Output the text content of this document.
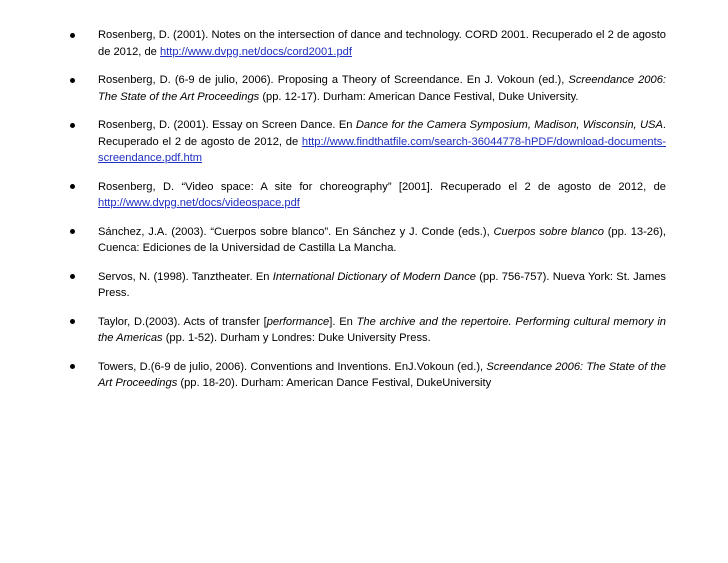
Rosenberg, D. (2001). Notes on the intersection of dance and technology. CORD 2001. Recuperado el 2 de agosto de 2012, de http://www.dvpg.net/docs/cord2001.pdf
Rosenberg, D. (6-9 de julio, 2006). Proposing a Theory of Screendance. En J. Vokoun (ed.), Screendance 2006: The State of the Art Proceedings (pp. 12-17). Durham: American Dance Festival, Duke University.
Rosenberg, D. (2001). Essay on Screen Dance. En Dance for the Camera Symposium, Madison, Wisconsin, USA. Recuperado el 2 de agosto de 2012, de http://www.findthatfile.com/search-36044778-hPDF/download-documents-screendance.pdf.htm
Rosenberg, D. “Video space: A site for choreography” [2001]. Recuperado el 2 de agosto de 2012, de http://www.dvpg.net/docs/videospace.pdf
Sánchez, J.A. (2003). “Cuerpos sobre blanco”. En Sánchez y J. Conde (eds.), Cuerpos sobre blanco (pp. 13-26), Cuenca: Ediciones de la Universidad de Castilla La Mancha.
Servos, N. (1998). Tanztheater. En International Dictionary of Modern Dance (pp. 756-757). Nueva York: St. James Press.
Taylor, D.(2003). Acts of transfer [performance]. En The archive and the repertoire. Performing cultural memory in the Americas (pp. 1-52). Durham y Londres: Duke University Press.
Towers, D.(6-9 de julio, 2006). Conventions and Inventions. EnJ.Vokoun (ed.), Screendance 2006: The State of the Art Proceedings (pp. 18-20). Durham: American Dance Festival, DukeUniversity
